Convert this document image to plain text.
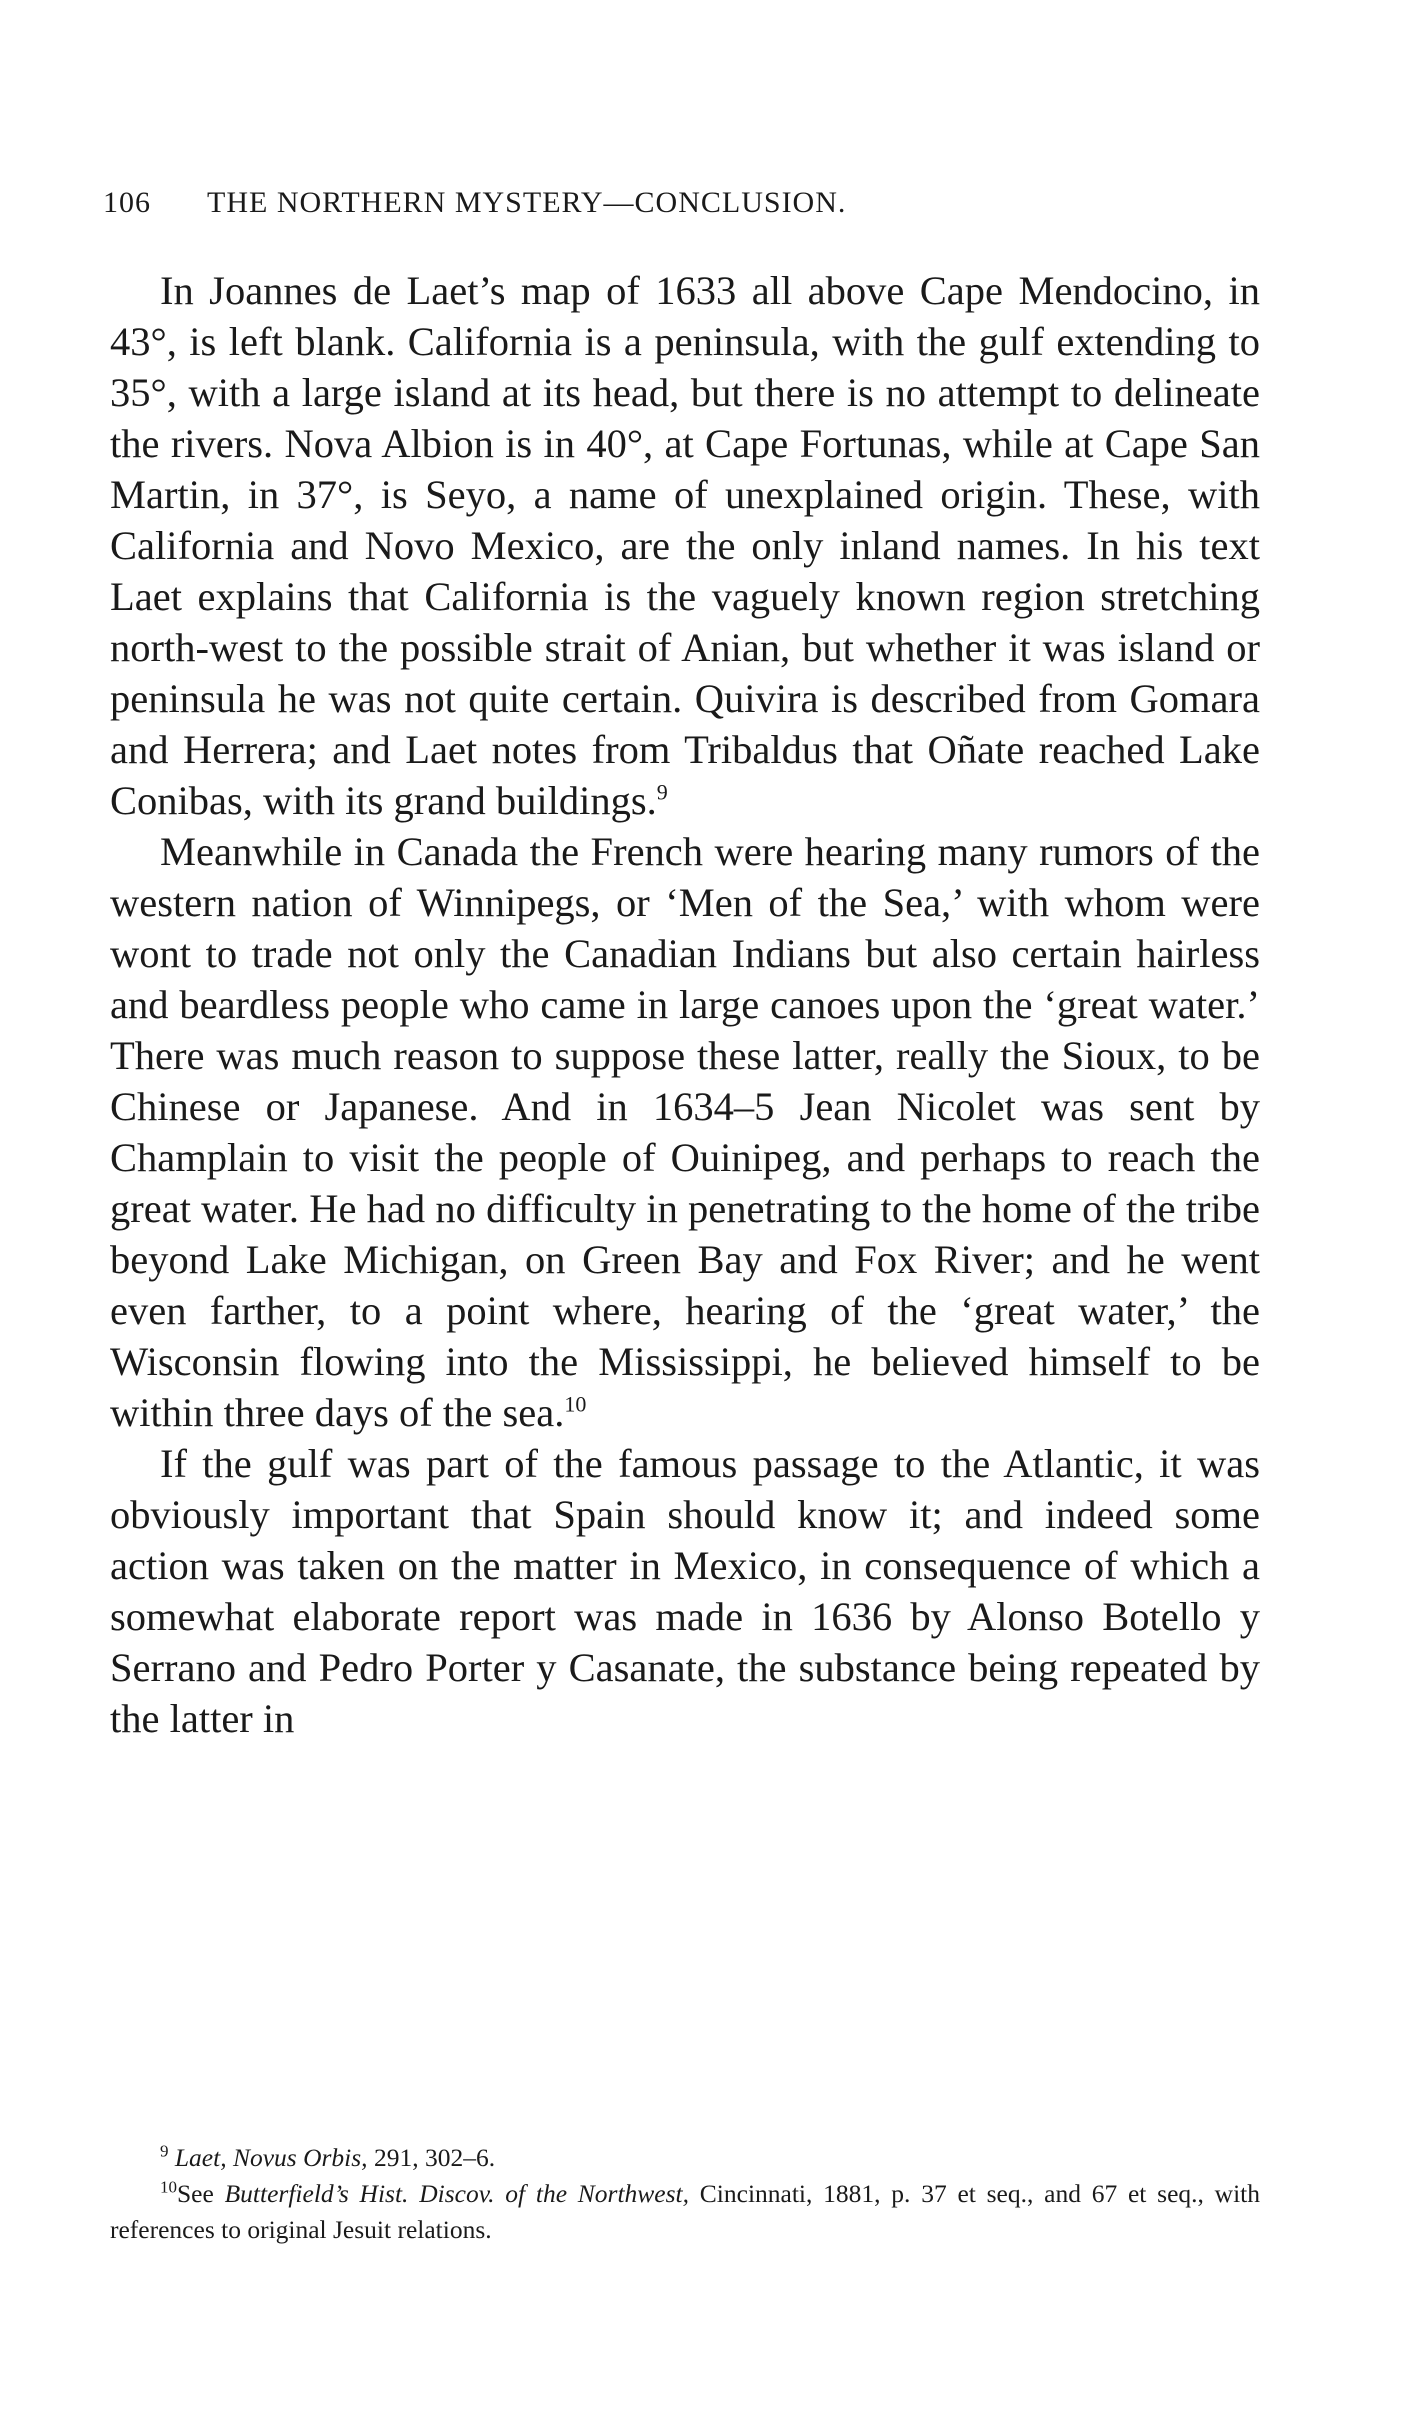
106 THE NORTHERN MYSTERY—CONCLUSION.

In Joannes de Laet’s map of 1633 all above Cape Mendocino, in 43°, is left blank. California is a peninsula, with the gulf extending to 35°, with a large island at its head, but there is no attempt to delineate the rivers. Nova Albion is in 40°, at Cape Fortunas, while at Cape San Martin, in 37°, is Seyo, a name of unexplained origin. These, with California and Novo Mexico, are the only inland names. In his text Laet explains that California is the vaguely known region stretching north-west to the possible strait of Anian, but whether it was island or peninsula he was not quite certain. Quivira is described from Gomara and Herrera; and Laet notes from Tribaldus that Oñate reached Lake Conibas, with its grand buildings.$^9$

Meanwhile in Canada the French were hearing many rumors of the western nation of Winnipegs, or ‘Men of the Sea,’ with whom were wont to trade not only the Canadian Indians but also certain hairless and beardless people who came in large canoes upon the ‘great water.’ There was much reason to suppose these latter, really the Sioux, to be Chinese or Japanese. And in 1634–5 Jean Nicolet was sent by Champlain to visit the people of Ouinipeg, and perhaps to reach the great water. He had no difficulty in penetrating to the home of the tribe beyond Lake Michigan, on Green Bay and Fox River; and he went even farther, to a point where, hearing of the ‘great water,’ the Wisconsin flowing into the Mississippi, he believed himself to be within three days of the sea.$^{10}$

If the gulf was part of the famous passage to the Atlantic, it was obviously important that Spain should know it; and indeed some action was taken on the matter in Mexico, in consequence of which a somewhat elaborate report was made in 1636 by Alonso Botello y Serrano and Pedro Porter y Casanate, the substance being repeated by the latter in

$^9$ Laet, Novus Orbis, 291, 302–6.

$^{10}$See Butterfield’s Hist. Discov. of the Northwest, Cincinnati, 1881, p. 37 et seq., and 67 et seq., with references to original Jesuit relations.
